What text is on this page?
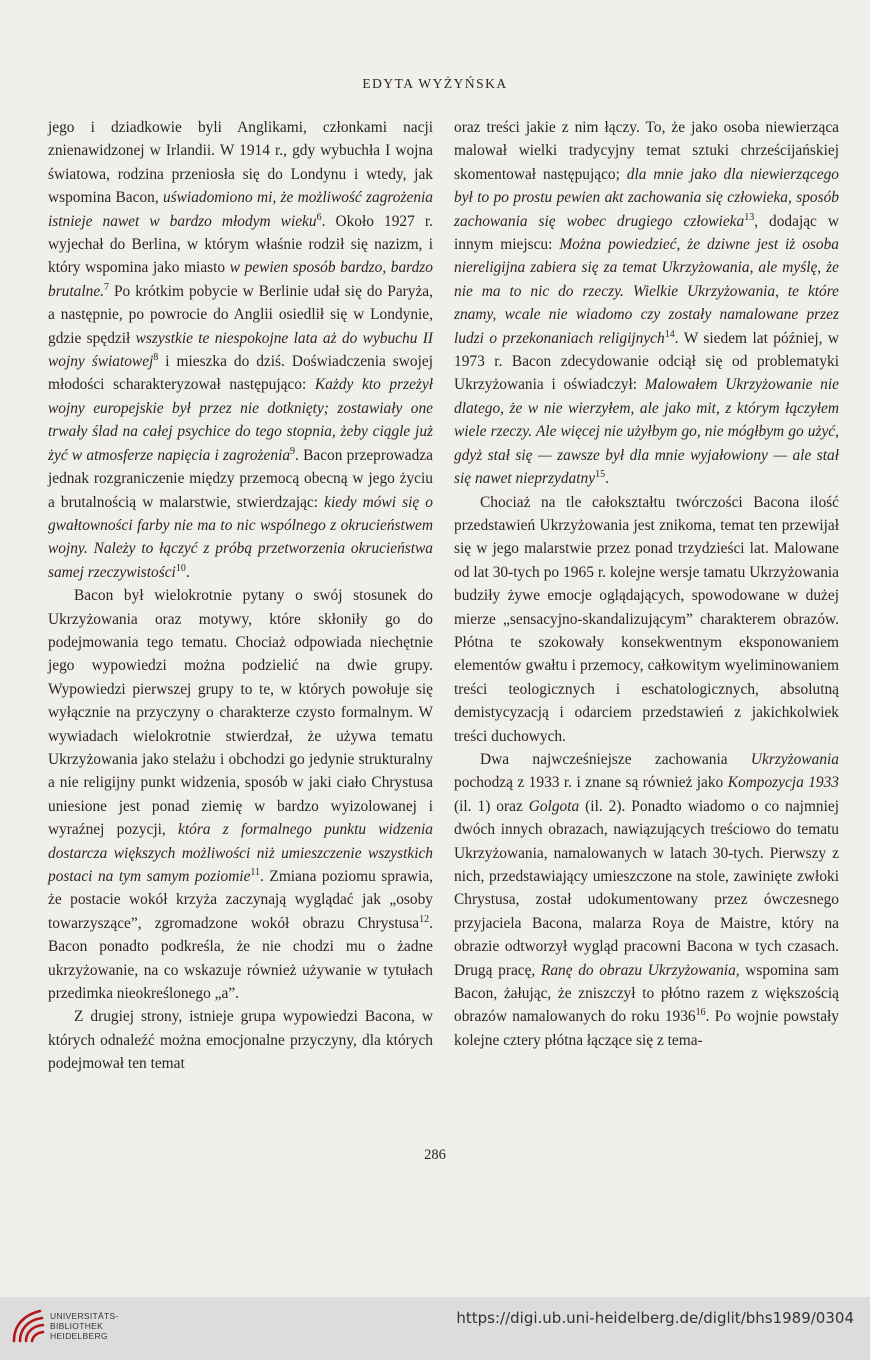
EDYTA WYŻYŃSKA

jego i dziadkowie byli Anglikami, członkami nacji znienawidzonej w Irlandii. W 1914 r., gdy wybuchła I wojna światowa, rodzina przeniosła się do Londynu i wtedy, jak wspomina Bacon, uświadomiono mi, że możliwość zagrożenia istnieje nawet w bardzo młodym wieku$^6$. Około 1927 r. wyjechał do Berlina, w którym właśnie rodził się nazizm, i który wspomina jako miasto w pewien sposób bardzo, bardzo brutalne.$^7$ Po krótkim pobycie w Berlinie udał się do Paryża, a następnie, po powrocie do Anglii osiedlił się w Londynie, gdzie spędził wszystkie te niespokojne lata aż do wybuchu II wojny światowej$^8$ i mieszka do dziś. Doświadczenia swojej młodości scharakteryzował następująco: Każdy kto przeżył wojny europejskie był przez nie dotknięty; zostawiały one trwały ślad na całej psychice do tego stopnia, żeby ciągle już żyć w atmosferze napięcia i zagrożenia$^9$. Bacon przeprowadza jednak rozgraniczenie między przemocą obecną w jego życiu a brutalnością w malarstwie, stwierdzając: kiedy mówi się o gwałtowności farby nie ma to nic wspólnego z okrucieństwem wojny. Należy to łączyć z próbą przetworzenia okrucieństwa samej rzeczywistości$^{10}$.

Bacon był wielokrotnie pytany o swój stosunek do Ukrzyżowania oraz motywy, które skłoniły go do podejmowania tego tematu. Chociaż odpowiada niechętnie jego wypowiedzi można podzielić na dwie grupy. Wypowiedzi pierwszej grupy to te, w których powołuje się wyłącznie na przyczyny o charakterze czysto formalnym. W wywiadach wielokrotnie stwierdzał, że używa tematu Ukrzyżowania jako stelażu i obchodzi go jedynie strukturalny a nie religijny punkt widzenia, sposób w jaki ciało Chrystusa uniesione jest ponad ziemię w bardzo wyizolowanej i wyraźnej pozycji, która z formalnego punktu widzenia dostarcza większych możliwości niż umieszczenie wszystkich postaci na tym samym poziomie$^{11}$. Zmiana poziomu sprawia, że postacie wokół krzyża zaczynają wyglądać jak „osoby towarzyszące”, zgromadzone wokół obrazu Chrystusa$^{12}$. Bacon ponadto podkreśla, że nie chodzi mu o żadne ukrzyżowanie, na co wskazuje również używanie w tytułach przedimka nieokreślonego „a”.

Z drugiej strony, istnieje grupa wypowiedzi Bacona, w których odnaleźć można emocjonalne przyczyny, dla których podejmował ten temat

oraz treści jakie z nim łączy. To, że jako osoba niewierząca malował wielki tradycyjny temat sztuki chrześcijańskiej skomentował następująco; dla mnie jako dla niewierzącego był to po prostu pewien akt zachowania się człowieka, sposób zachowania się wobec drugiego człowieka$^{13}$, dodając w innym miejscu: Można powiedzieć, że dziwne jest iż osoba niereligijna zabiera się za temat Ukrzyżowania, ale myślę, że nie ma to nic do rzeczy. Wielkie Ukrzyżowania, te które znamy, wcale nie wiadomo czy zostały namalowane przez ludzi o przekonaniach religijnych$^{14}$. W siedem lat później, w 1973 r. Bacon zdecydowanie odciął się od problematyki Ukrzyżowania i oświadczył: Malowałem Ukrzyżowanie nie dlatego, że w nie wierzyłem, ale jako mit, z którym łączyłem wiele rzeczy. Ale więcej nie użyłbym go, nie mógłbym go użyć, gdyż stał się — zawsze był dla mnie wyjałowiony — ale stał się nawet nieprzydatny$^{15}$.

Chociaż na tle całokształtu twórczości Bacona ilość przedstawień Ukrzyżowania jest znikoma, temat ten przewijał się w jego malarstwie przez ponad trzydzieści lat. Malowane od lat 30-tych po 1965 r. kolejne wersje tamatu Ukrzyżowania budziły żywe emocje oglądających, spowodowane w dużej mierze „sensacyjno-skandalizującym” charakterem obrazów. Płótna te szokowały konsekwentnym eksponowaniem elementów gwałtu i przemocy, całkowitym wyeliminowaniem treści teologicznych i eschatologicznych, absolutną demistycyzacją i odarciem przedstawień z jakichkolwiek treści duchowych.

Dwa najwcześniejsze zachowania Ukrzyżowania pochodzą z 1933 r. i znane są również jako Kompozycja 1933 (il. 1) oraz Golgota (il. 2). Ponadto wiadomo o co najmniej dwóch innych obrazach, nawiązujących treściowo do tematu Ukrzyżowania, namalowanych w latach 30-tych. Pierwszy z nich, przedstawiający umieszczone na stole, zawinięte zwłoki Chrystusa, został udokumentowany przez ówczesnego przyjaciela Bacona, malarza Roya de Maistre, który na obrazie odtworzył wygląd pracowni Bacona w tych czasach. Drugą pracę, Ranę do obrazu Ukrzyżowania, wspomina sam Bacon, żałując, że zniszczył to płótno razem z większością obrazów namalowanych do roku 1936$^{16}$. Po wojnie powstały kolejne cztery płótna łączące się z tema-

286
UNIVERSITÄTS-
BIBLIOTHEK
HEIDELBERG
https://digi.ub.uni-heidelberg.de/diglit/bhs1989/0304
